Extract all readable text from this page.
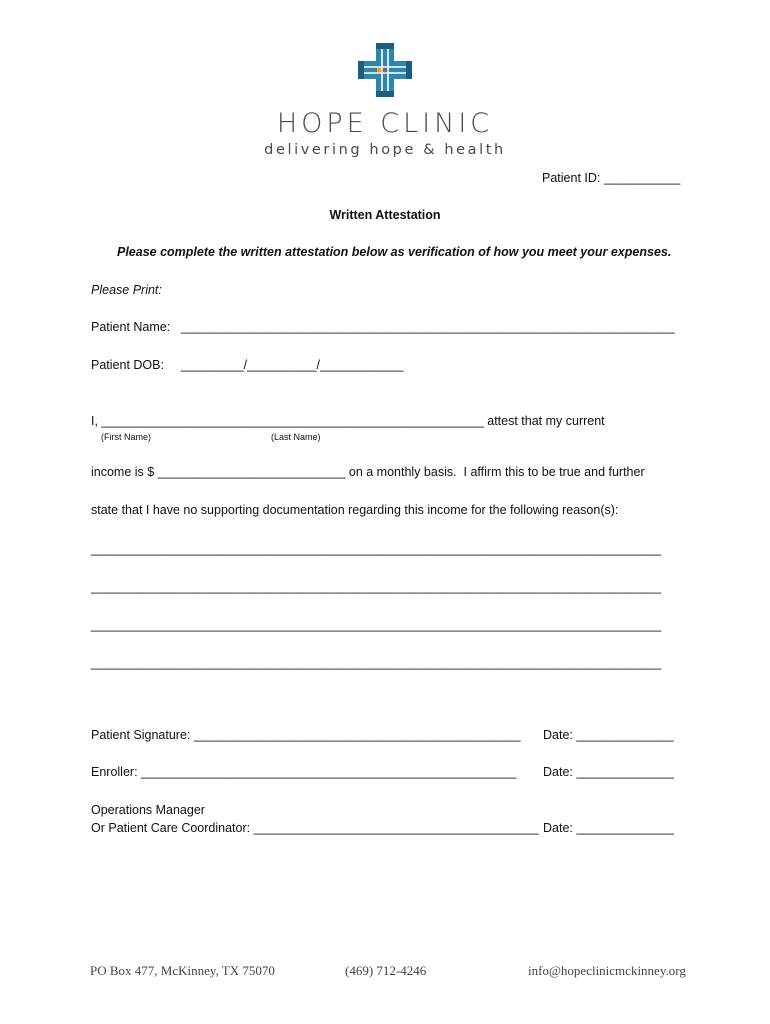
HOPE CLINIC
delivering hope & health
Patient ID: ___________
Written Attestation
Please complete the written attestation below as verification of how you meet your expenses.
Please Print:
Patient Name: _______________________________________________________________________
Patient DOB: _________/__________/____________
I, _______________________________________________________ attest that my current
(First Name)	(Last Name)
income is $ ___________________________ on a monthly basis.  I affirm this to be true and further
state that I have no supporting documentation regarding this income for the following reason(s):
__________________________________________________________________________________
__________________________________________________________________________________
__________________________________________________________________________________
__________________________________________________________________________________
Patient Signature: _______________________________________________ Date: ______________
Enroller: ______________________________________________________ Date: ______________
Operations Manager
Or Patient Care Coordinator: _________________________________________ Date: ______________
PO Box 477, McKinney, TX 75070	(469) 712-4246	info@hopeclinicmckinney.org
